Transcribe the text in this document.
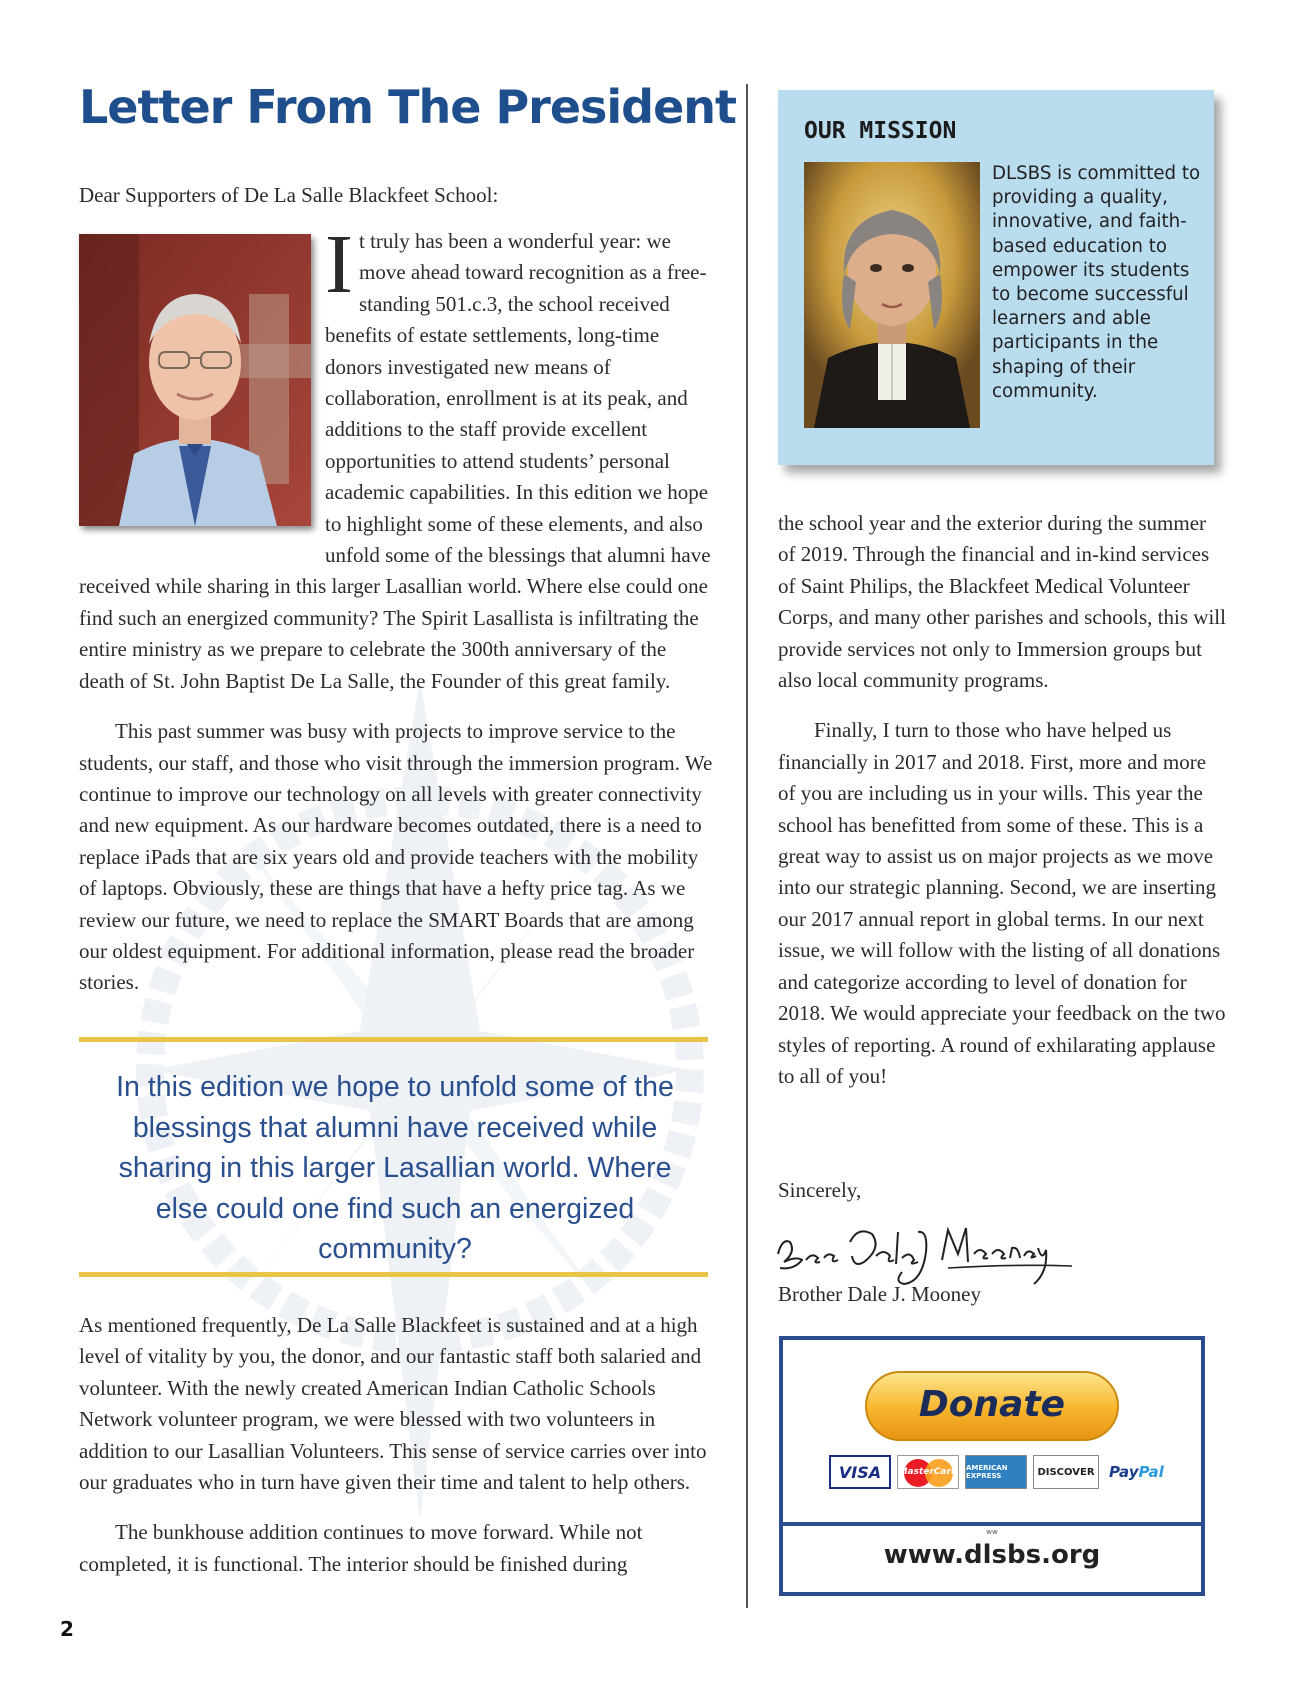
Letter From The President
Dear Supporters of De La Salle Blackfeet School:
I t truly has been a wonderful year: we move ahead toward recognition as a free-standing 501.c.3, the school received benefits of estate settlements, long-time donors investigated new means of collaboration, enrollment is at its peak, and additions to the staff provide excellent opportunities to attend students’ personal academic capabilities. In this edition we hope to highlight some of these elements, and also unfold some of the blessings that alumni have received while sharing in this larger Lasallian world. Where else could one find such an energized community? The Spirit Lasallista is infiltrating the entire ministry as we prepare to celebrate the 300th anniversary of the death of St. John Baptist De La Salle, the Founder of this great family.

This past summer was busy with projects to improve service to the students, our staff, and those who visit through the immersion program. We continue to improve our technology on all levels with greater connectivity and new equipment. As our hardware becomes outdated, there is a need to replace iPads that are six years old and provide teachers with the mobility of laptops. Obviously, these are things that have a hefty price tag. As we review our future, we need to replace the SMART Boards that are among our oldest equipment. For additional information, please read the broader stories.

In this edition we hope to unfold some of the blessings that alumni have received while sharing in this larger Lasallian world. Where else could one find such an energized community?

As mentioned frequently, De La Salle Blackfeet is sustained and at a high level of vitality by you, the donor, and our fantastic staff both salaried and volunteer. With the newly created American Indian Catholic Schools Network volunteer program, we were blessed with two volunteers in addition to our Lasallian Volunteers. This sense of service carries over into our graduates who in turn have given their time and talent to help others.

The bunkhouse addition continues to move forward. While not completed, it is functional. The interior should be finished during

OUR MISSION
DLSBS is committed to providing a quality, innovative, and faith-based education to empower its students to become successful learners and able participants in the shaping of their community.

the school year and the exterior during the summer of 2019. Through the financial and in-kind services of Saint Philips, the Blackfeet Medical Volunteer Corps, and many other parishes and schools, this will provide services not only to Immersion groups but also local community programs.

Finally, I turn to those who have helped us financially in 2017 and 2018. First, more and more of you are including us in your wills. This year the school has benefitted from some of these. This is a great way to assist us on major projects as we move into our strategic planning. Second, we are inserting our 2017 annual report in global terms. In our next issue, we will follow with the listing of all donations and categorize according to level of donation for 2018. We would appreciate your feedback on the two styles of reporting. A round of exhilarating applause to all of you!

Sincerely,
Brother Dale J. Mooney
Donate
VISA	MasterCard AMERICAN EXPRESS	DISCOVER PayPal
ww
www.dlsbs.org
2
